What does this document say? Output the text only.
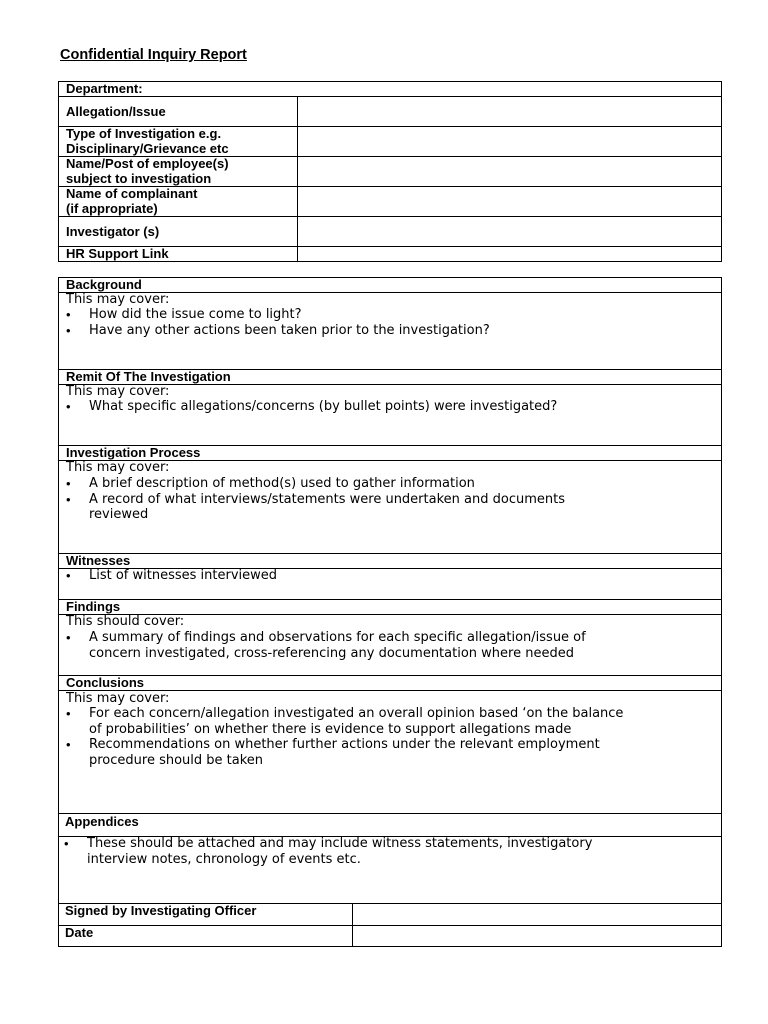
Confidential Inquiry Report
Department:
Allegation/Issue
Type of Investigation e.g.
Disciplinary/Grievance etc
Name/Post of employee(s)
subject to investigation
Name of complainant
(if appropriate)
Investigator (s)
HR Support Link
Background
This may cover:
• How did the issue come to light?
• Have any other actions been taken prior to the investigation?
Remit Of The Investigation
This may cover:
• What specific allegations/concerns (by bullet points) were investigated?
Investigation Process
This may cover:
• A brief description of method(s) used to gather information
• A record of what interviews/statements were undertaken and documents
reviewed
Witnesses
• List of witnesses interviewed
Findings
This should cover:
• A summary of findings and observations for each specific allegation/issue of
concern investigated, cross-referencing any documentation where needed
Conclusions
This may cover:
• For each concern/allegation investigated an overall opinion based ‘on the balance
of probabilities’ on whether there is evidence to support allegations made
• Recommendations on whether further actions under the relevant employment
procedure should be taken
Appendices
• These should be attached and may include witness statements, investigatory
interview notes, chronology of events etc.
Signed by Investigating Officer
Date
